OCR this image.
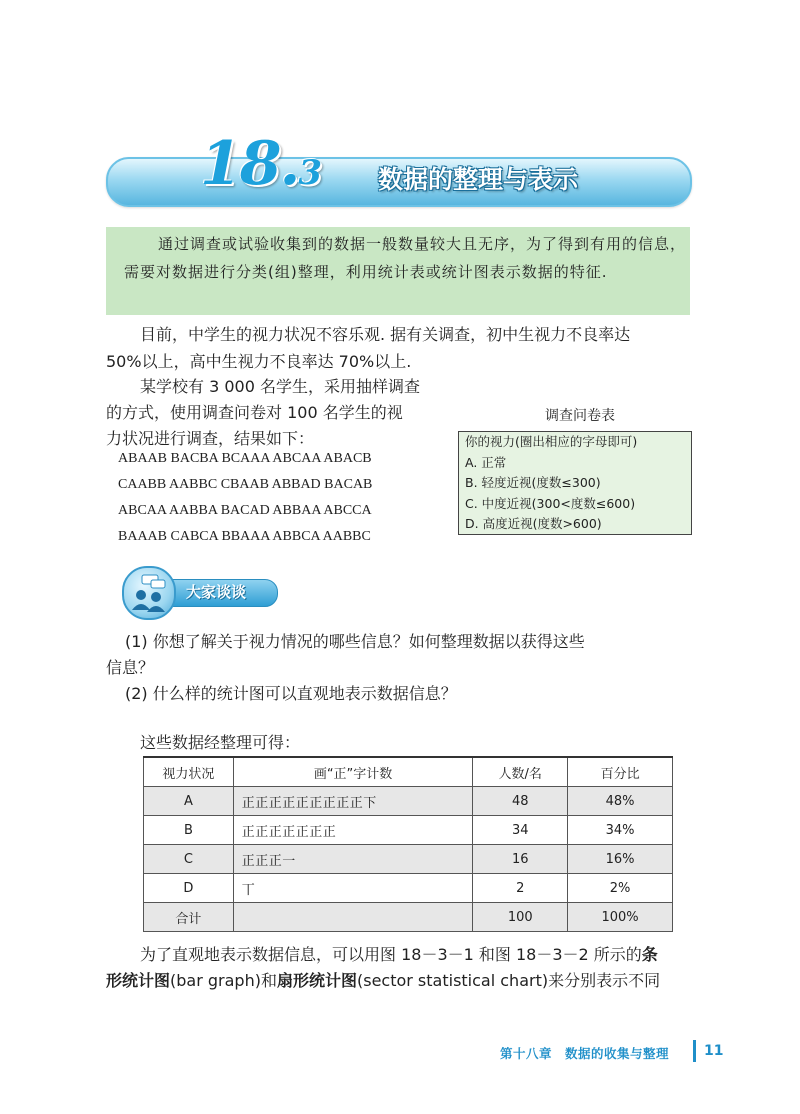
18.3 数据的整理与表示
通过调查或试验收集到的数据一般数量较大且无序，为了得到有用的信息，需要对数据进行分类(组)整理，利用统计表或统计图表示数据的特征.
目前，中学生的视力状况不容乐观. 据有关调查，初中生视力不良率达
50%以上，高中生视力不良率达 70%以上.
某学校有 3 000 名学生，采用抽样调查
的方式，使用调查问卷对 100 名学生的视
力状况进行调查，结果如下：
ABAAB BACBA BCAAA ABCAA ABACB
CAABB AABBC CBAAB ABBAD BACAB
ABCAA AABBA BACAD ABBAA ABCCA
BAAAB CABCA BBAAA ABBCA AABBC
调查问卷表
你的视力(圈出相应的字母即可)
A. 正常
B. 轻度近视(度数≤300)
C. 中度近视(300<度数≤600)
D. 高度近视(度数>600)
大家谈谈
(1) 你想了解关于视力情况的哪些信息？如何整理数据以获得这些
信息？
(2) 什么样的统计图可以直观地表示数据信息？
这些数据经整理可得：
视力状况	画“正”字计数	人数/名	百分比
A	正正正正正正正正正下	48	48%
B	正正正正正正正	34	34%
C	正正正一	16	16%
D	丅	2	2%
合计		100	100%
为了直观地表示数据信息，可以用图 18－3－1 和图 18－3－2 所示的条
形统计图(bar graph)和扇形统计图(sector statistical chart)来分别表示不同
第十八章　数据的收集与整理 11
